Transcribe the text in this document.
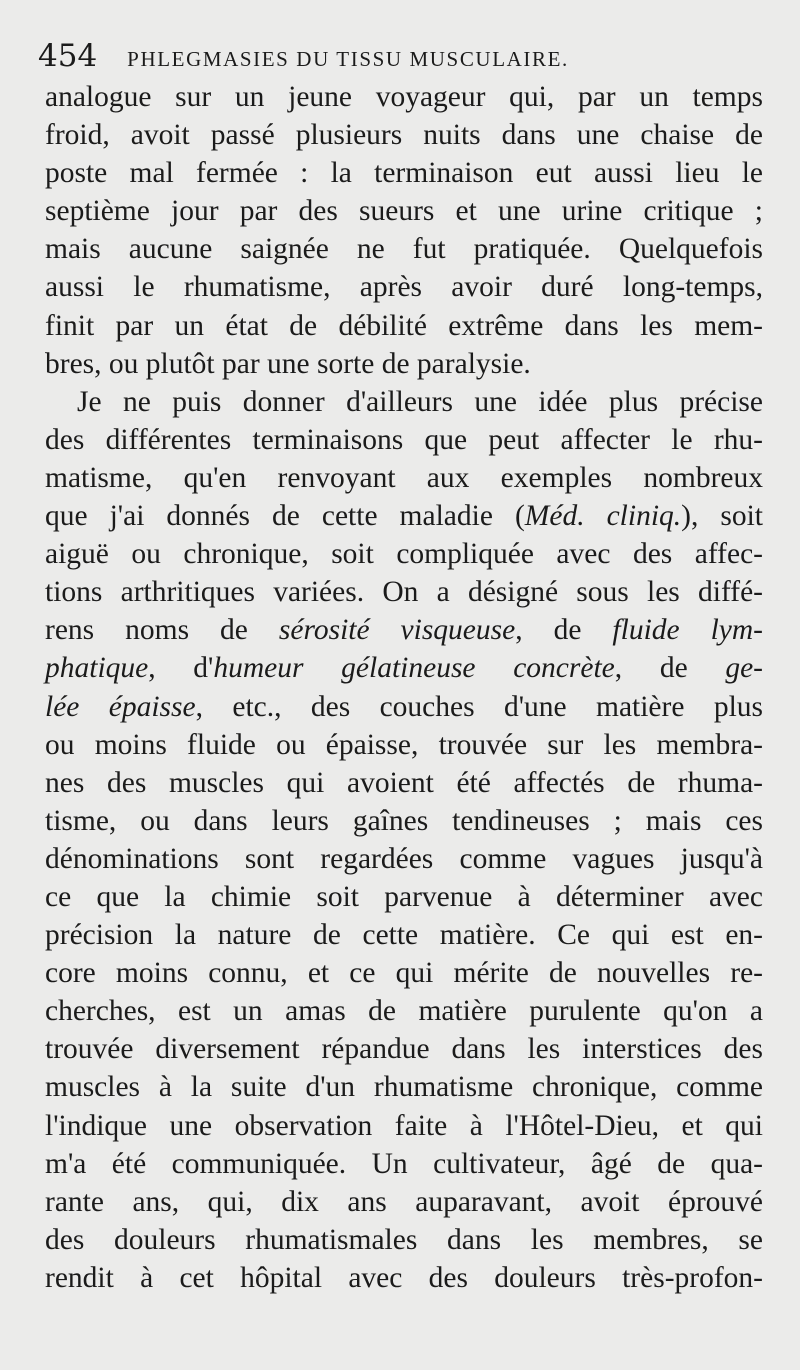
454 PHLEGMASIES DU TISSU MUSCULAIRE.
analogue sur un jeune voyageur qui, par un temps
froid, avoit passé plusieurs nuits dans une chaise de
poste mal fermée : la terminaison eut aussi lieu le
septième jour par des sueurs et une urine critique ;
mais aucune saignée ne fut pratiquée. Quelquefois
aussi le rhumatisme, après avoir duré long-temps,
finit par un état de débilité extrême dans les mem-
bres, ou plutôt par une sorte de paralysie.
Je ne puis donner d'ailleurs une idée plus précise
des différentes terminaisons que peut affecter le rhu-
matisme, qu'en renvoyant aux exemples nombreux
que j'ai donnés de cette maladie (Méd. cliniq.), soit
aiguë ou chronique, soit compliquée avec des affec-
tions arthritiques variées. On a désigné sous les diffé-
rens noms de sérosité visqueuse, de fluide lym-
phatique, d'humeur gélatineuse concrète, de ge-
lée épaisse, etc., des couches d'une matière plus
ou moins fluide ou épaisse, trouvée sur les membra-
nes des muscles qui avoient été affectés de rhuma-
tisme, ou dans leurs gaînes tendineuses ; mais ces
dénominations sont regardées comme vagues jusqu'à
ce que la chimie soit parvenue à déterminer avec
précision la nature de cette matière. Ce qui est en-
core moins connu, et ce qui mérite de nouvelles re-
cherches, est un amas de matière purulente qu'on a
trouvée diversement répandue dans les interstices des
muscles à la suite d'un rhumatisme chronique, comme
l'indique une observation faite à l'Hôtel-Dieu, et qui
m'a été communiquée. Un cultivateur, âgé de qua-
rante ans, qui, dix ans auparavant, avoit éprouvé
des douleurs rhumatismales dans les membres, se
rendit à cet hôpital avec des douleurs très-profon-
